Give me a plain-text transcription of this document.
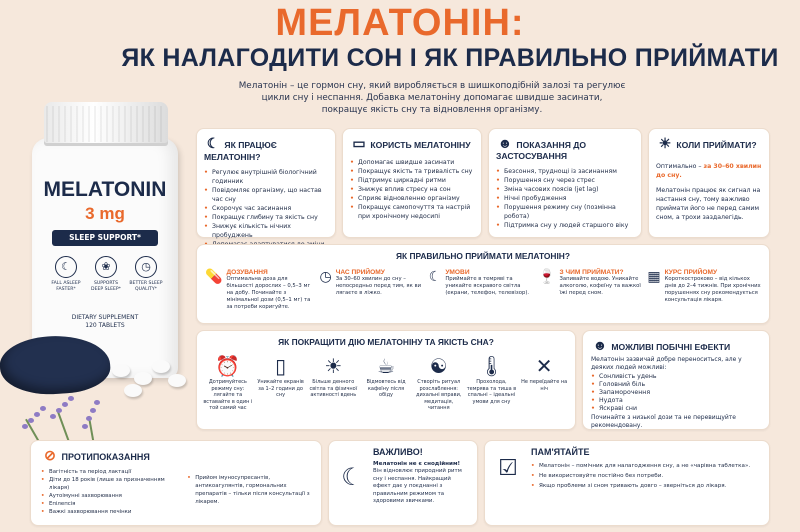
МЕЛАТОНІН:
ЯК НАЛАГОДИТИ СОН І ЯК ПРАВИЛЬНО ПРИЙМАТИ
Мелатонін – це гормон сну, який виробляється в шишкоподібній залозі та регулює
цикли сну і неспання. Добавка мелатоніну допомагає швидше засинати,
покращує якість сну та відновлення організму.
MELATONIN
3 mg
SLEEP SUPPORT*
☾
FALL ASLEEP FASTER*
❀
SUPPORTS DEEP SLEEP*
◷
BETTER SLEEP QUALITY*
DIETARY SUPPLEMENT
120 TABLETS
☾ ЯК ПРАЦЮЄ МЕЛАТОНІН?
• Регулює внутрішній біологічний годинник
• Повідомляє організму, що настав час сну
• Скорочує час засинання
• Покращує глибину та якість сну
• Знижує кількість нічних пробуджень
•
▭ КОРИСТЬ МЕЛАТОНІНУ
• Допомагає швидше засинати
• Покращує якість та тривалість сну
• Підтримує циркадні ритми
• Знижує вплив стресу на сон
• Сприяє відновленню організму
• Покращує самопочуття та настрій при хронічному недосипі
☻ ПОКАЗАННЯ ДО ЗАСТОСУВАННЯ
• Безсоння, труднощі із засинанням
• Порушення сну через стрес
• Зміна часових поясів (jet lag)
• Нічні пробудження
• Порушення режиму сну (позмінна робота)
• Підтримка сну у людей старшого віку
☀ КОЛИ ПРИЙМАТИ?
Оптимально – за 30–60 хвилин до сну.
Мелатонін працює як сигнал на настання сну, тому важливо приймати його не перед самим сном, а трохи заздалегідь.
ЯК ПРАВИЛЬНО ПРИЙМАТИ МЕЛАТОНІН?
💊 ДОЗУВАННЯ
Оптимальна доза для більшості дорослих – 0,5–3 мг на добу. Починайте з мінімальної дози (0,5–1 мг) та за потреби коригуйте.
◷ ЧАС ПРИЙОМУ
За 30–60 хвилин до сну – непосредньо перед тим, як ви лягаєте в ліжко.
☾ УМОВИ
Приймайте в темряві та уникайте яскравого світла (екрани, телефон, телевізор).
🍷 З ЧИМ ПРИЙМАТИ?
Запивайте водою. Уникайте алкоголю, кофеїну та важкої їжі перед сном.
▦ КУРС ПРИЙОМУ
Короткостроково – від кількох днів до 2–4 тижнів. При хронічних порушеннях сну рекомендується консультація лікаря.
ЯК ПОКРАЩИТИ ДІЮ МЕЛАТОНІНУ ТА ЯКІСТЬ СНА?
⏰
Дотримуйтесь режиму сну: лягайте та вставайте в один і той самий час
▯
Уникайте екранів за 1–2 години до сну
☀
Більше денного світла та фізичної активності вдень
☕
Відмовтесь від кафеїну після обіду
☯
Створіть ритуал розслаблення: дихальні вправи, медитація, читання
🌡
Прохолода, темрява та тиша в спальні – ідеальні умови для сну
✕
Не переїдайте на ніч
☻ МОЖЛИВІ ПОБІЧНІ ЕФЕКТИ
Мелатонін зазвичай добре переноситься, але у деяких людей можливі:
• Сонливість удень
• Головний біль
• Запаморочення
• Нудота
• Яскраві сни
Починайте з низької дози та не перевищуйте рекомендовану.
⊘ ПРОТИПОКАЗАННЯ
• Вагітність та період лактації
• Діти до 18 років (лише за призначенням лікаря)
• Аутоімунні захворювання
• Епілепсія
• Важкі захворювання печінки
• Прийом імуносупресантів, антикоагулянтів, гормональних препаратів – тільки після консультації з лікарем.
☾
ВАЖЛИВО!
Мелатонін не є снодійним!
Він відновлює природний ритм сну і неспання. Найкращий ефект дає у поєднанні з правильним режимом та здоровими звичками.
☑
ПАМ'ЯТАЙТЕ
• Мелатонін – помічник для налагодження сну, а не «чарівна таблетка».
• Не використовуйте постійно без потреби.
• Якщо проблеми зі сном тривають довго – зверніться до лікаря.
